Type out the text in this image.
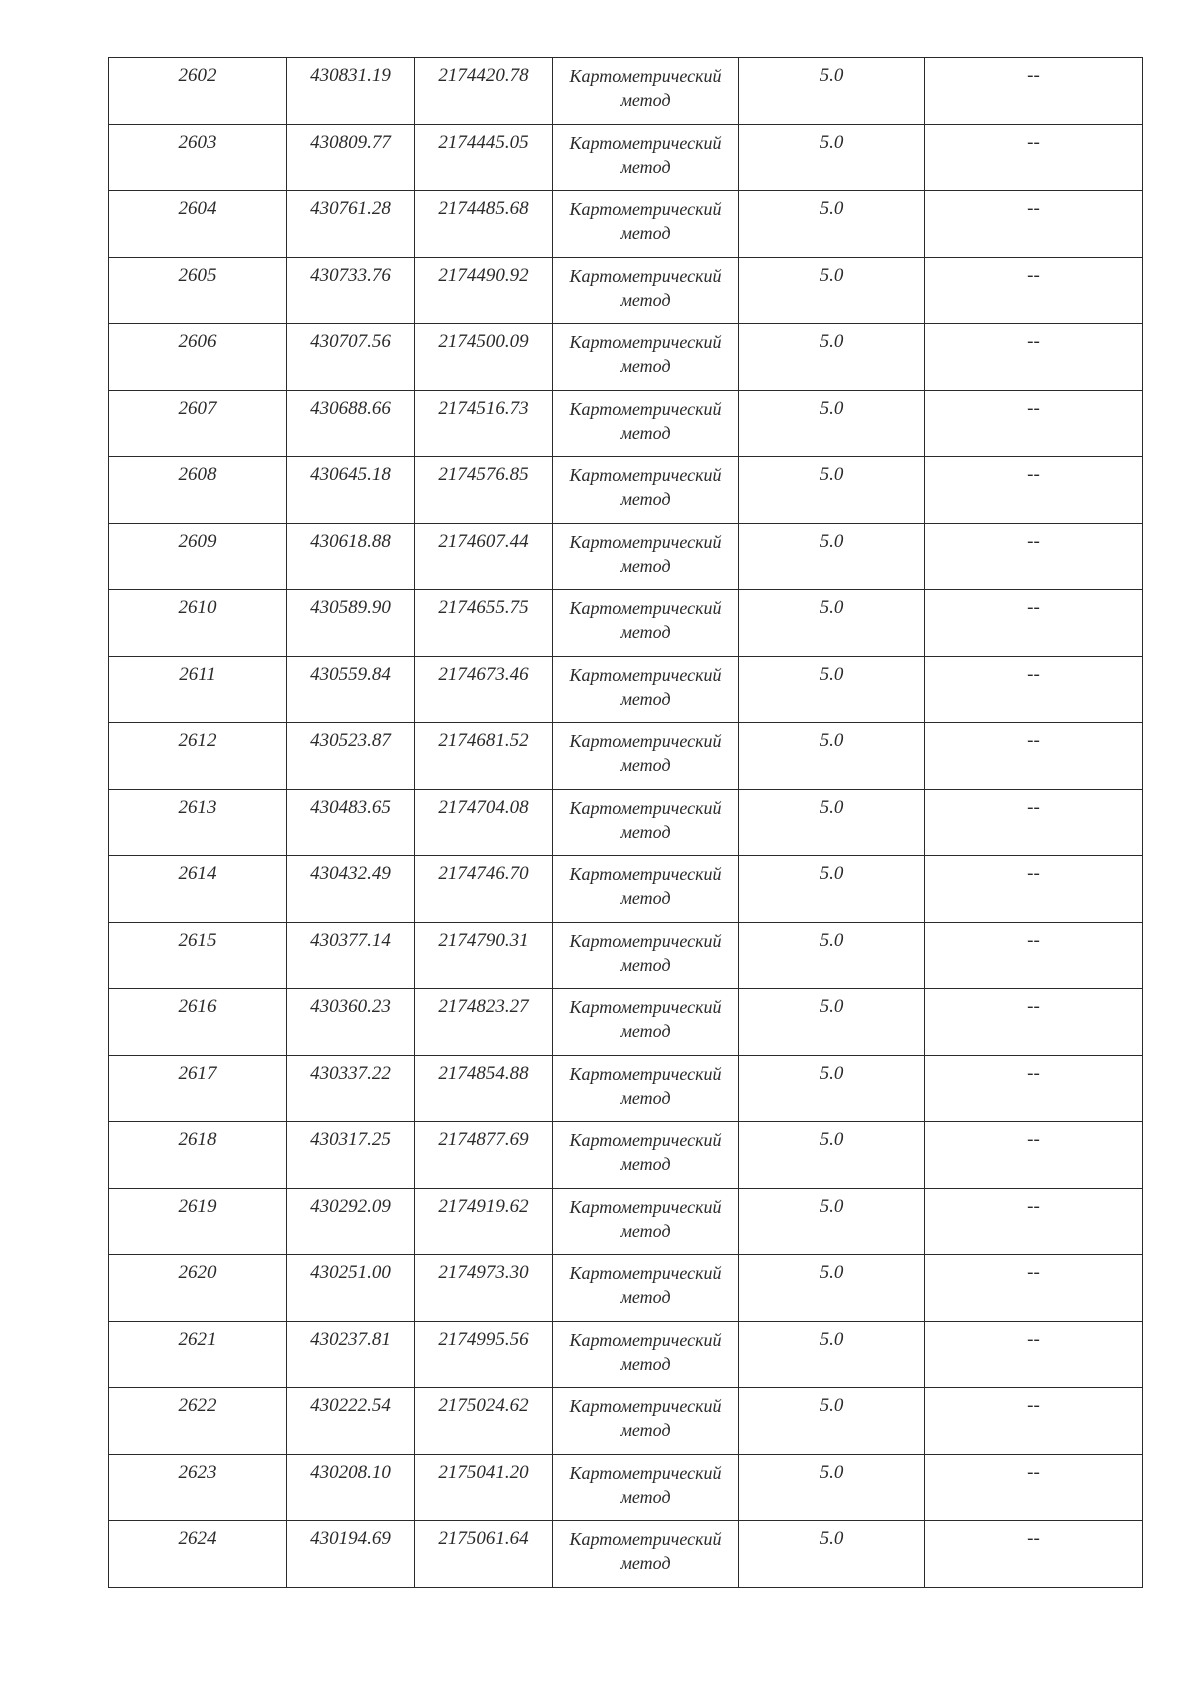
2602	430831.19	2174420.78	Картометрический метод	5.0	--
2603	430809.77	2174445.05	Картометрический метод	5.0	--
2604	430761.28	2174485.68	Картометрический метод	5.0	--
2605	430733.76	2174490.92	Картометрический метод	5.0	--
2606	430707.56	2174500.09	Картометрический метод	5.0	--
2607	430688.66	2174516.73	Картометрический метод	5.0	--
2608	430645.18	2174576.85	Картометрический метод	5.0	--
2609	430618.88	2174607.44	Картометрический метод	5.0	--
2610	430589.90	2174655.75	Картометрический метод	5.0	--
2611	430559.84	2174673.46	Картометрический метод	5.0	--
2612	430523.87	2174681.52	Картометрический метод	5.0	--
2613	430483.65	2174704.08	Картометрический метод	5.0	--
2614	430432.49	2174746.70	Картометрический метод	5.0	--
2615	430377.14	2174790.31	Картометрический метод	5.0	--
2616	430360.23	2174823.27	Картометрический метод	5.0	--
2617	430337.22	2174854.88	Картометрический метод	5.0	--
2618	430317.25	2174877.69	Картометрический метод	5.0	--
2619	430292.09	2174919.62	Картометрический метод	5.0	--
2620	430251.00	2174973.30	Картометрический метод	5.0	--
2621	430237.81	2174995.56	Картометрический метод	5.0	--
2622	430222.54	2175024.62	Картометрический метод	5.0	--
2623	430208.10	2175041.20	Картометрический метод	5.0	--
2624	430194.69	2175061.64	Картометрический метод	5.0	--
